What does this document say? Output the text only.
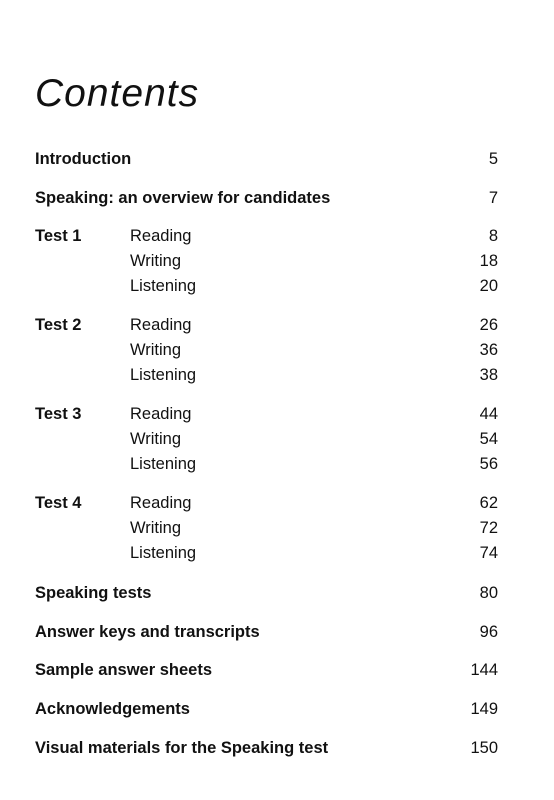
Contents
Introduction	5
Speaking: an overview for candidates	7
Test 1	Reading	8
Writing	18
Listening	20
Test 2	Reading	26
Writing	36
Listening	38
Test 3	Reading	44
Writing	54
Listening	56
Test 4	Reading	62
Writing	72
Listening	74
Speaking tests	80
Answer keys and transcripts	96
Sample answer sheets	144
Acknowledgements	149
Visual materials for the Speaking test	150
